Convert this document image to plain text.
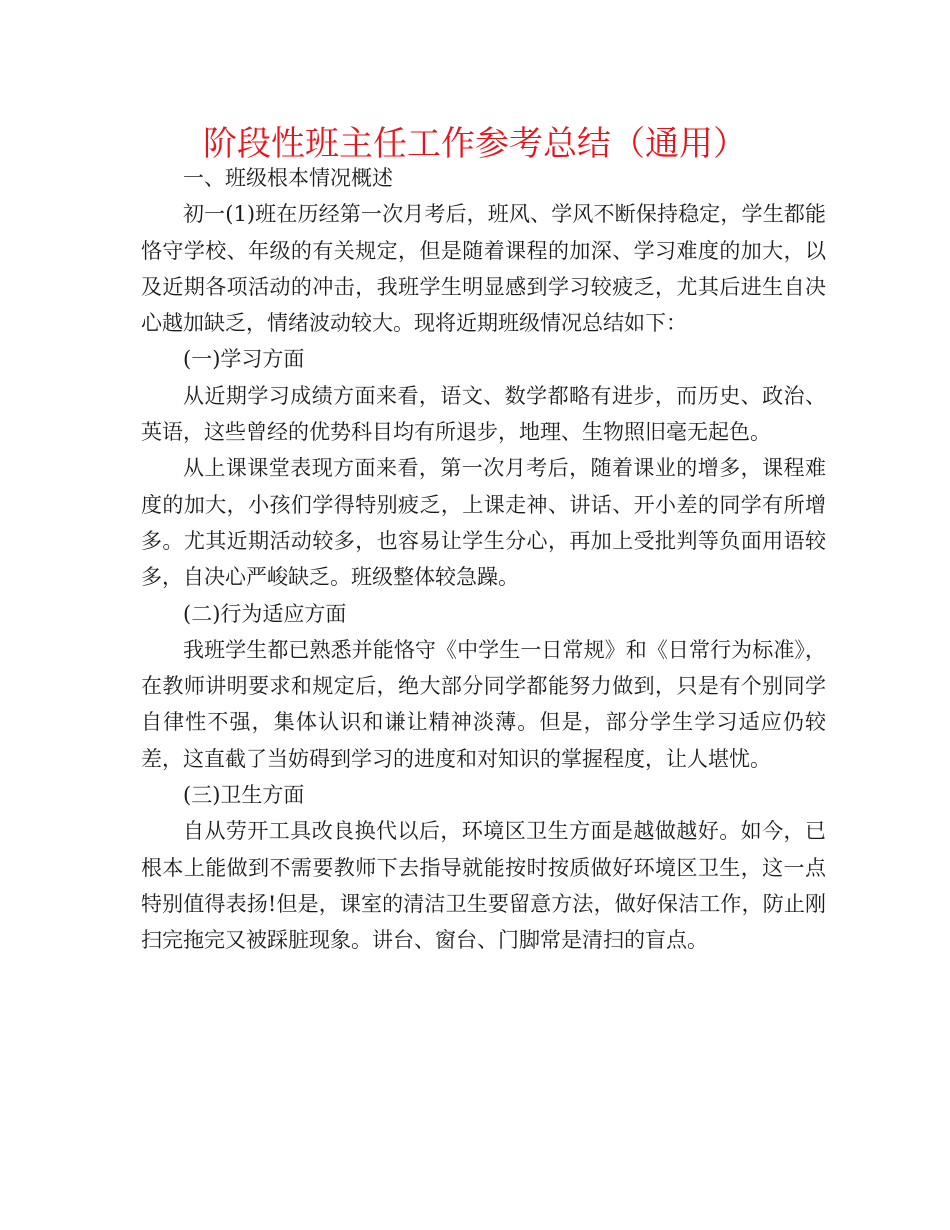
阶段性班主任工作参考总结（通用）

一、班级根本情况概述

初一(1)班在历经第一次月考后，班风、学风不断保持稳定，学生都能恪守学校、年级的有关规定，但是随着课程的加深、学习难度的加大，以及近期各项活动的冲击，我班学生明显感到学习较疲乏，尤其后进生自决心越加缺乏，情绪波动较大。现将近期班级情况总结如下：

(一)学习方面

从近期学习成绩方面来看，语文、数学都略有进步，而历史、政治、英语，这些曾经的优势科目均有所退步，地理、生物照旧毫无起色。

从上课课堂表现方面来看，第一次月考后，随着课业的增多，课程难度的加大，小孩们学得特别疲乏，上课走神、讲话、开小差的同学有所增多。尤其近期活动较多，也容易让学生分心，再加上受批判等负面用语较多，自决心严峻缺乏。班级整体较急躁。

(二)行为适应方面

我班学生都已熟悉并能恪守《中学生一日常规》和《日常行为标准》，在教师讲明要求和规定后，绝大部分同学都能努力做到，只是有个别同学自律性不强，集体认识和谦让精神淡薄。但是，部分学生学习适应仍较差，这直截了当妨碍到学习的进度和对知识的掌握程度，让人堪忧。

(三)卫生方面

自从劳开工具改良换代以后，环境区卫生方面是越做越好。如今，已根本上能做到不需要教师下去指导就能按时按质做好环境区卫生，这一点特别值得表扬!但是，课室的清洁卫生要留意方法，做好保洁工作，防止刚扫完拖完又被踩脏现象。讲台、窗台、门脚常是清扫的盲点。
